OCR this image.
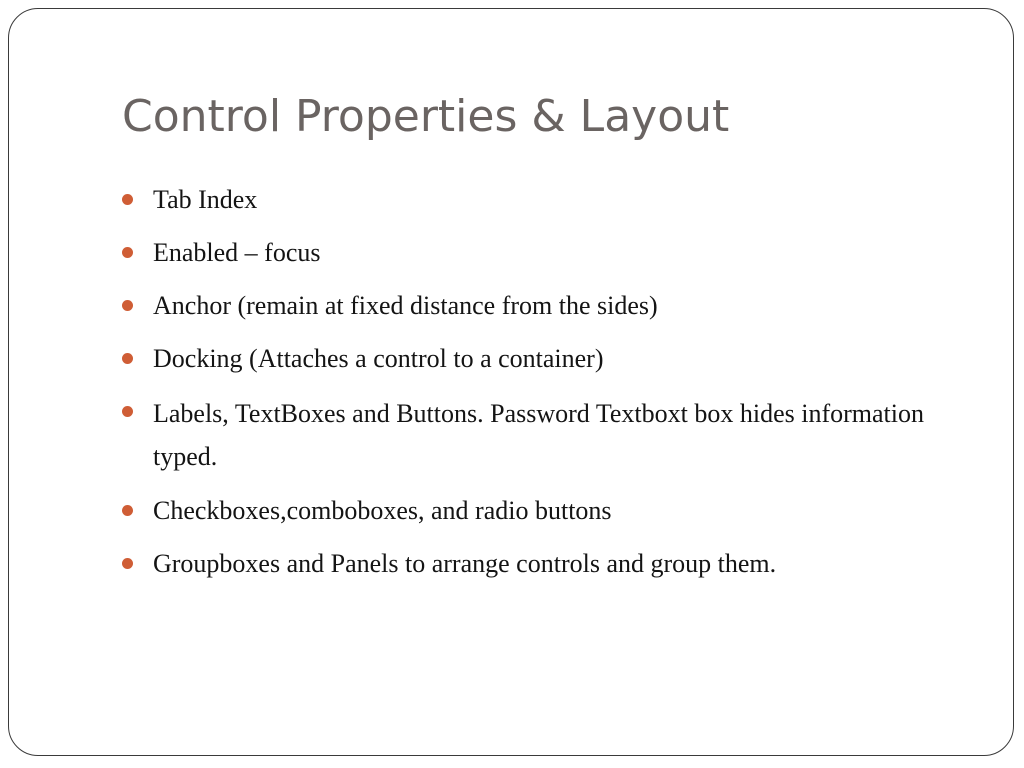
Control Properties & Layout
Tab Index
Enabled – focus
Anchor (remain at fixed distance from the sides)
Docking (Attaches a control to a container)
Labels, TextBoxes and Buttons. Password Textboxt box hides information typed.
Checkboxes,comboboxes, and radio buttons
Groupboxes and Panels to arrange controls and group them.
